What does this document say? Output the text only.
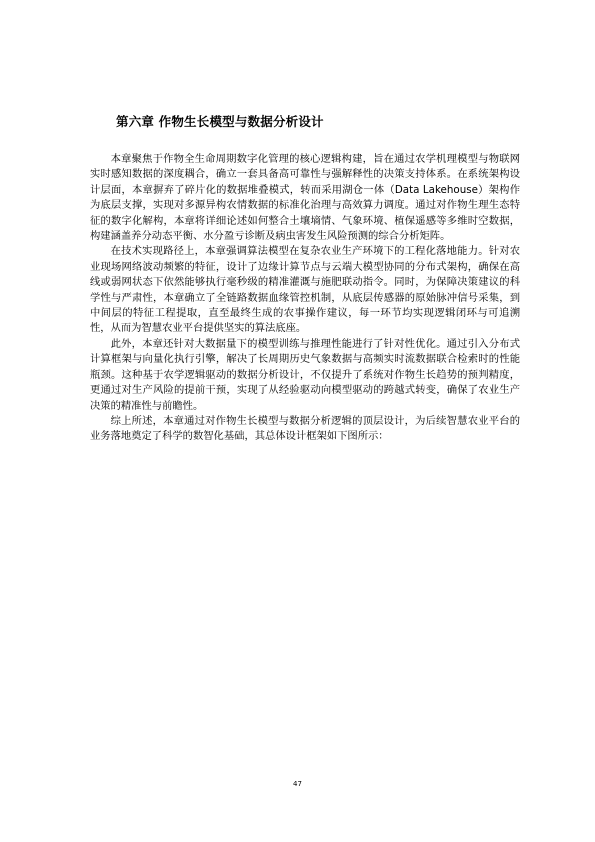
第六章 作物生长模型与数据分析设计

本章聚焦于作物全生命周期数字化管理的核心逻辑构建，旨在通过农学机理模型与物联网实时感知数据的深度耦合，确立一套具备高可靠性与强解释性的决策支持体系。在系统架构设计层面，本章摒弃了碎片化的数据堆叠模式，转而采用湖仓一体（Data Lakehouse）架构作为底层支撑，实现对多源异构农情数据的标准化治理与高效算力调度。通过对作物生理生态特征的数字化解构，本章将详细论述如何整合土壤墒情、气象环境、植保遥感等多维时空数据，构建涵盖养分动态平衡、水分盈亏诊断及病虫害发生风险预测的综合分析矩阵。

在技术实现路径上，本章强调算法模型在复杂农业生产环境下的工程化落地能力。针对农业现场网络波动频繁的特征，设计了边缘计算节点与云端大模型协同的分布式架构，确保在高线或弱网状态下依然能够执行毫秒级的精准灌溉与施肥联动指令。同时，为保障决策建议的科学性与严肃性，本章确立了全链路数据血缘管控机制，从底层传感器的原始脉冲信号采集，到中间层的特征工程提取，直至最终生成的农事操作建议，每一环节均实现逻辑闭环与可追溯性，从而为智慧农业平台提供坚实的算法底座。

此外，本章还针对大数据量下的模型训练与推理性能进行了针对性优化。通过引入分布式计算框架与向量化执行引擎，解决了长周期历史气象数据与高频实时流数据联合检索时的性能瓶颈。这种基于农学逻辑驱动的数据分析设计，不仅提升了系统对作物生长趋势的预判精度，更通过对生产风险的提前干预，实现了从经验驱动向模型驱动的跨越式转变，确保了农业生产决策的精准性与前瞻性。

综上所述，本章通过对作物生长模型与数据分析逻辑的顶层设计，为后续智慧农业平台的业务落地奠定了科学的数智化基础，其总体设计框架如下图所示：

47
